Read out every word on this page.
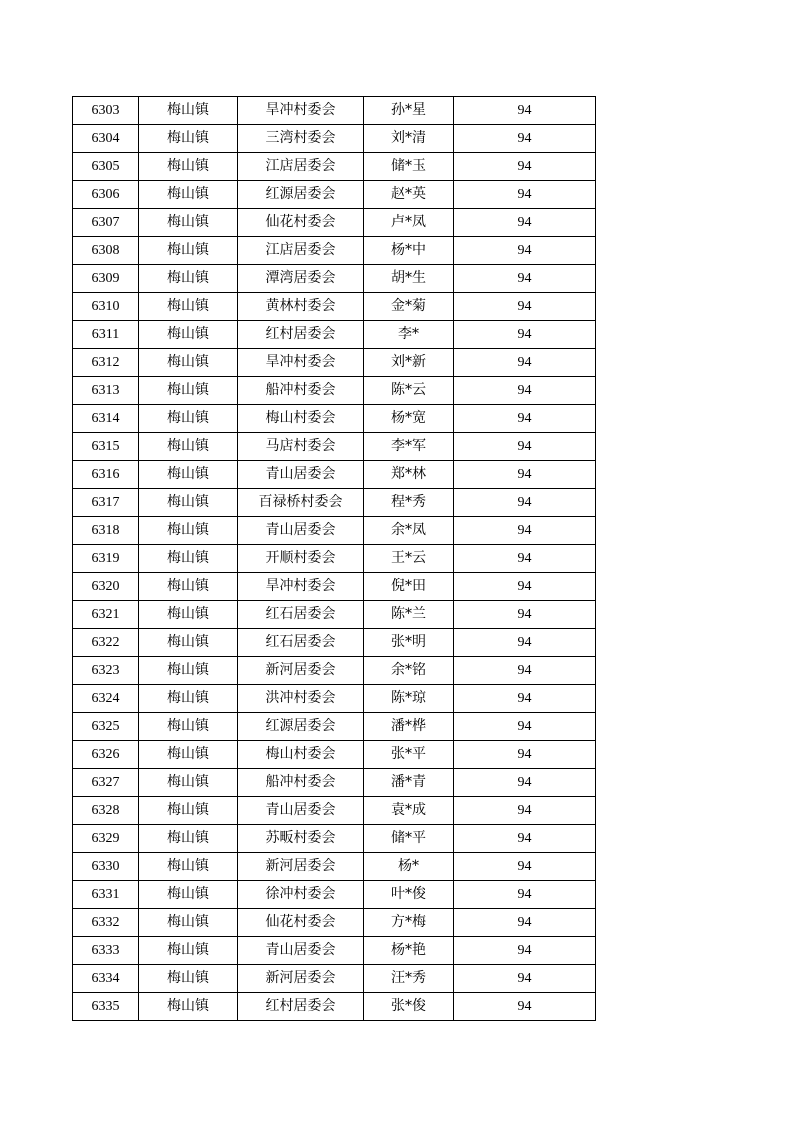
6303	梅山镇	旱冲村委会	孙*星	94
6304	梅山镇	三湾村委会	刘*清	94
6305	梅山镇	江店居委会	储*玉	94
6306	梅山镇	红源居委会	赵*英	94
6307	梅山镇	仙花村委会	卢*凤	94
6308	梅山镇	江店居委会	杨*中	94
6309	梅山镇	潭湾居委会	胡*生	94
6310	梅山镇	黄林村委会	金*菊	94
6311	梅山镇	红村居委会	李*	94
6312	梅山镇	旱冲村委会	刘*新	94
6313	梅山镇	船冲村委会	陈*云	94
6314	梅山镇	梅山村委会	杨*宽	94
6315	梅山镇	马店村委会	李*军	94
6316	梅山镇	青山居委会	郑*林	94
6317	梅山镇	百禄桥村委会	程*秀	94
6318	梅山镇	青山居委会	余*凤	94
6319	梅山镇	开顺村委会	王*云	94
6320	梅山镇	旱冲村委会	倪*田	94
6321	梅山镇	红石居委会	陈*兰	94
6322	梅山镇	红石居委会	张*明	94
6323	梅山镇	新河居委会	余*铭	94
6324	梅山镇	洪冲村委会	陈*琼	94
6325	梅山镇	红源居委会	潘*桦	94
6326	梅山镇	梅山村委会	张*平	94
6327	梅山镇	船冲村委会	潘*青	94
6328	梅山镇	青山居委会	袁*成	94
6329	梅山镇	苏畈村委会	储*平	94
6330	梅山镇	新河居委会	杨*	94
6331	梅山镇	徐冲村委会	叶*俊	94
6332	梅山镇	仙花村委会	方*梅	94
6333	梅山镇	青山居委会	杨*艳	94
6334	梅山镇	新河居委会	汪*秀	94
6335	梅山镇	红村居委会	张*俊	94
